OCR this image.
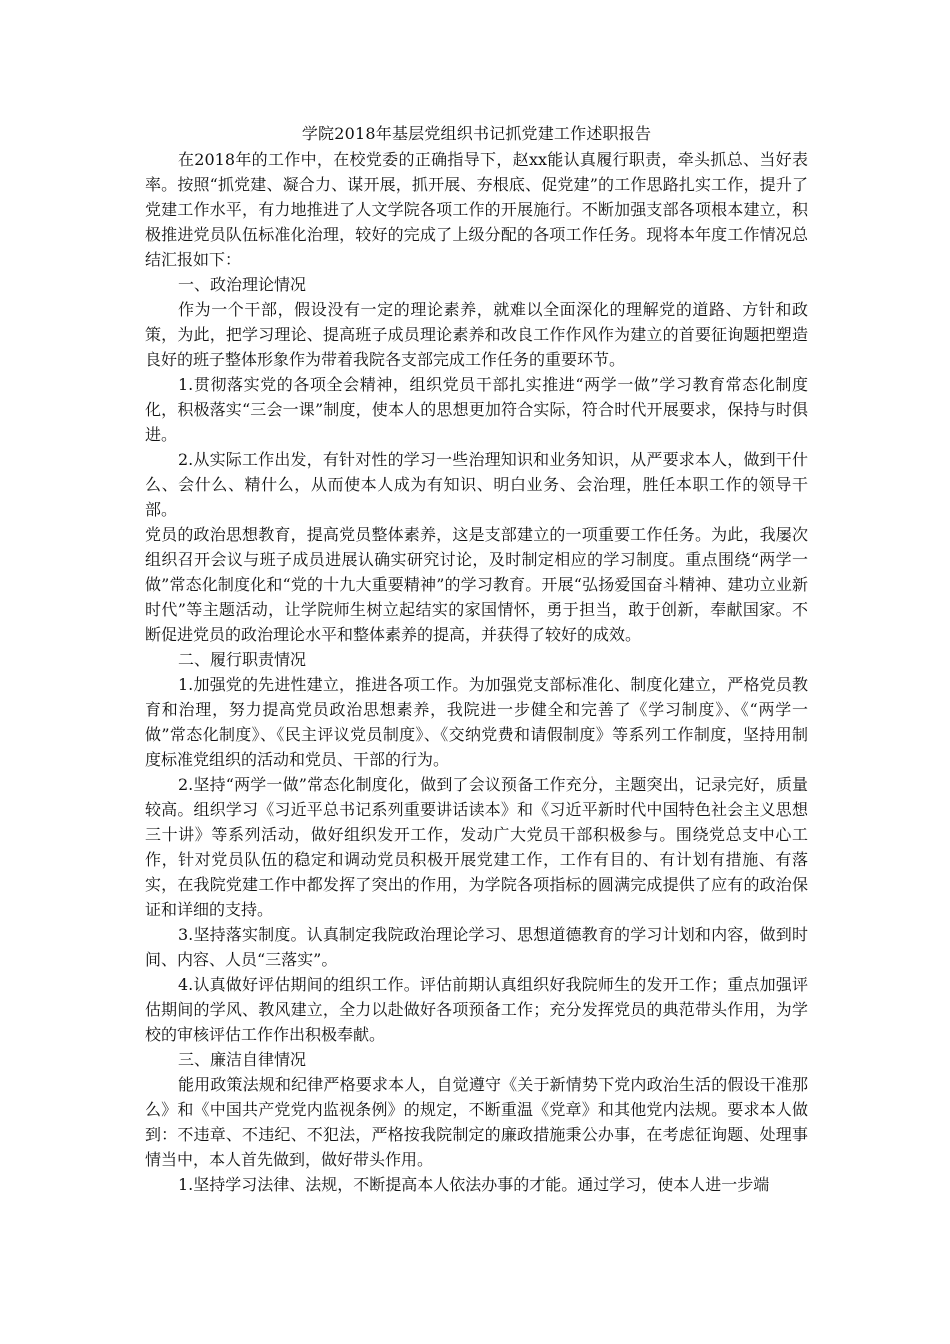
学院2018年基层党组织书记抓党建工作述职报告

在2018年的工作中，在校党委的正确指导下，赵xx能认真履行职责，牵头抓总、当好表率。按照“抓党建、凝合力、谋开展，抓开展、夯根底、促党建”的工作思路扎实工作，提升了党建工作水平，有力地推进了人文学院各项工作的开展施行。不断加强支部各项根本建立，积极推进党员队伍标准化治理，较好的完成了上级分配的各项工作任务。现将本年度工作情况总结汇报如下：

一、政治理论情况

作为一个干部，假设没有一定的理论素养，就难以全面深化的理解党的道路、方针和政策，为此，把学习理论、提高班子成员理论素养和改良工作作风作为建立的首要征询题把塑造良好的班子整体形象作为带着我院各支部完成工作任务的重要环节。

1.贯彻落实党的各项全会精神，组织党员干部扎实推进“两学一做”学习教育常态化制度化，积极落实“三会一课”制度，使本人的思想更加符合实际，符合时代开展要求，保持与时俱进。

2.从实际工作出发，有针对性的学习一些治理知识和业务知识，从严要求本人，做到干什么、会什么、精什么，从而使本人成为有知识、明白业务、会治理，胜任本职工作的领导干部。

党员的政治思想教育，提高党员整体素养，这是支部建立的一项重要工作任务。为此，我屡次组织召开会议与班子成员进展认确实研究讨论，及时制定相应的学习制度。重点围绕“两学一做”常态化制度化和“党的十九大重要精神”的学习教育。开展“弘扬爱国奋斗精神、建功立业新时代”等主题活动，让学院师生树立起结实的家国情怀，勇于担当，敢于创新，奉献国家。不断促进党员的政治理论水平和整体素养的提高，并获得了较好的成效。

二、履行职责情况

1.加强党的先进性建立，推进各项工作。为加强党支部标准化、制度化建立，严格党员教育和治理，努力提高党员政治思想素养，我院进一步健全和完善了《学习制度》、《“两学一做”常态化制度》、《民主评议党员制度》、《交纳党费和请假制度》等系列工作制度，坚持用制度标准党组织的活动和党员、干部的行为。

2.坚持“两学一做”常态化制度化，做到了会议预备工作充分，主题突出，记录完好，质量较高。组织学习《习近平总书记系列重要讲话读本》和《习近平新时代中国特色社会主义思想三十讲》等系列活动，做好组织发开工作，发动广大党员干部积极参与。围绕党总支中心工作，针对党员队伍的稳定和调动党员积极开展党建工作，工作有目的、有计划有措施、有落实，在我院党建工作中都发挥了突出的作用，为学院各项指标的圆满完成提供了应有的政治保证和详细的支持。

3.坚持落实制度。认真制定我院政治理论学习、思想道德教育的学习计划和内容，做到时间、内容、人员“三落实”。

4.认真做好评估期间的组织工作。评估前期认真组织好我院师生的发开工作；重点加强评估期间的学风、教风建立，全力以赴做好各项预备工作；充分发挥党员的典范带头作用，为学校的审核评估工作作出积极奉献。

三、廉洁自律情况

能用政策法规和纪律严格要求本人，自觉遵守《关于新情势下党内政治生活的假设干准那么》和《中国共产党党内监视条例》的规定，不断重温《党章》和其他党内法规。要求本人做到：不违章、不违纪、不犯法，严格按我院制定的廉政措施秉公办事，在考虑征询题、处理事情当中，本人首先做到，做好带头作用。

1.坚持学习法律、法规，不断提高本人依法办事的才能。通过学习，使本人进一步端
